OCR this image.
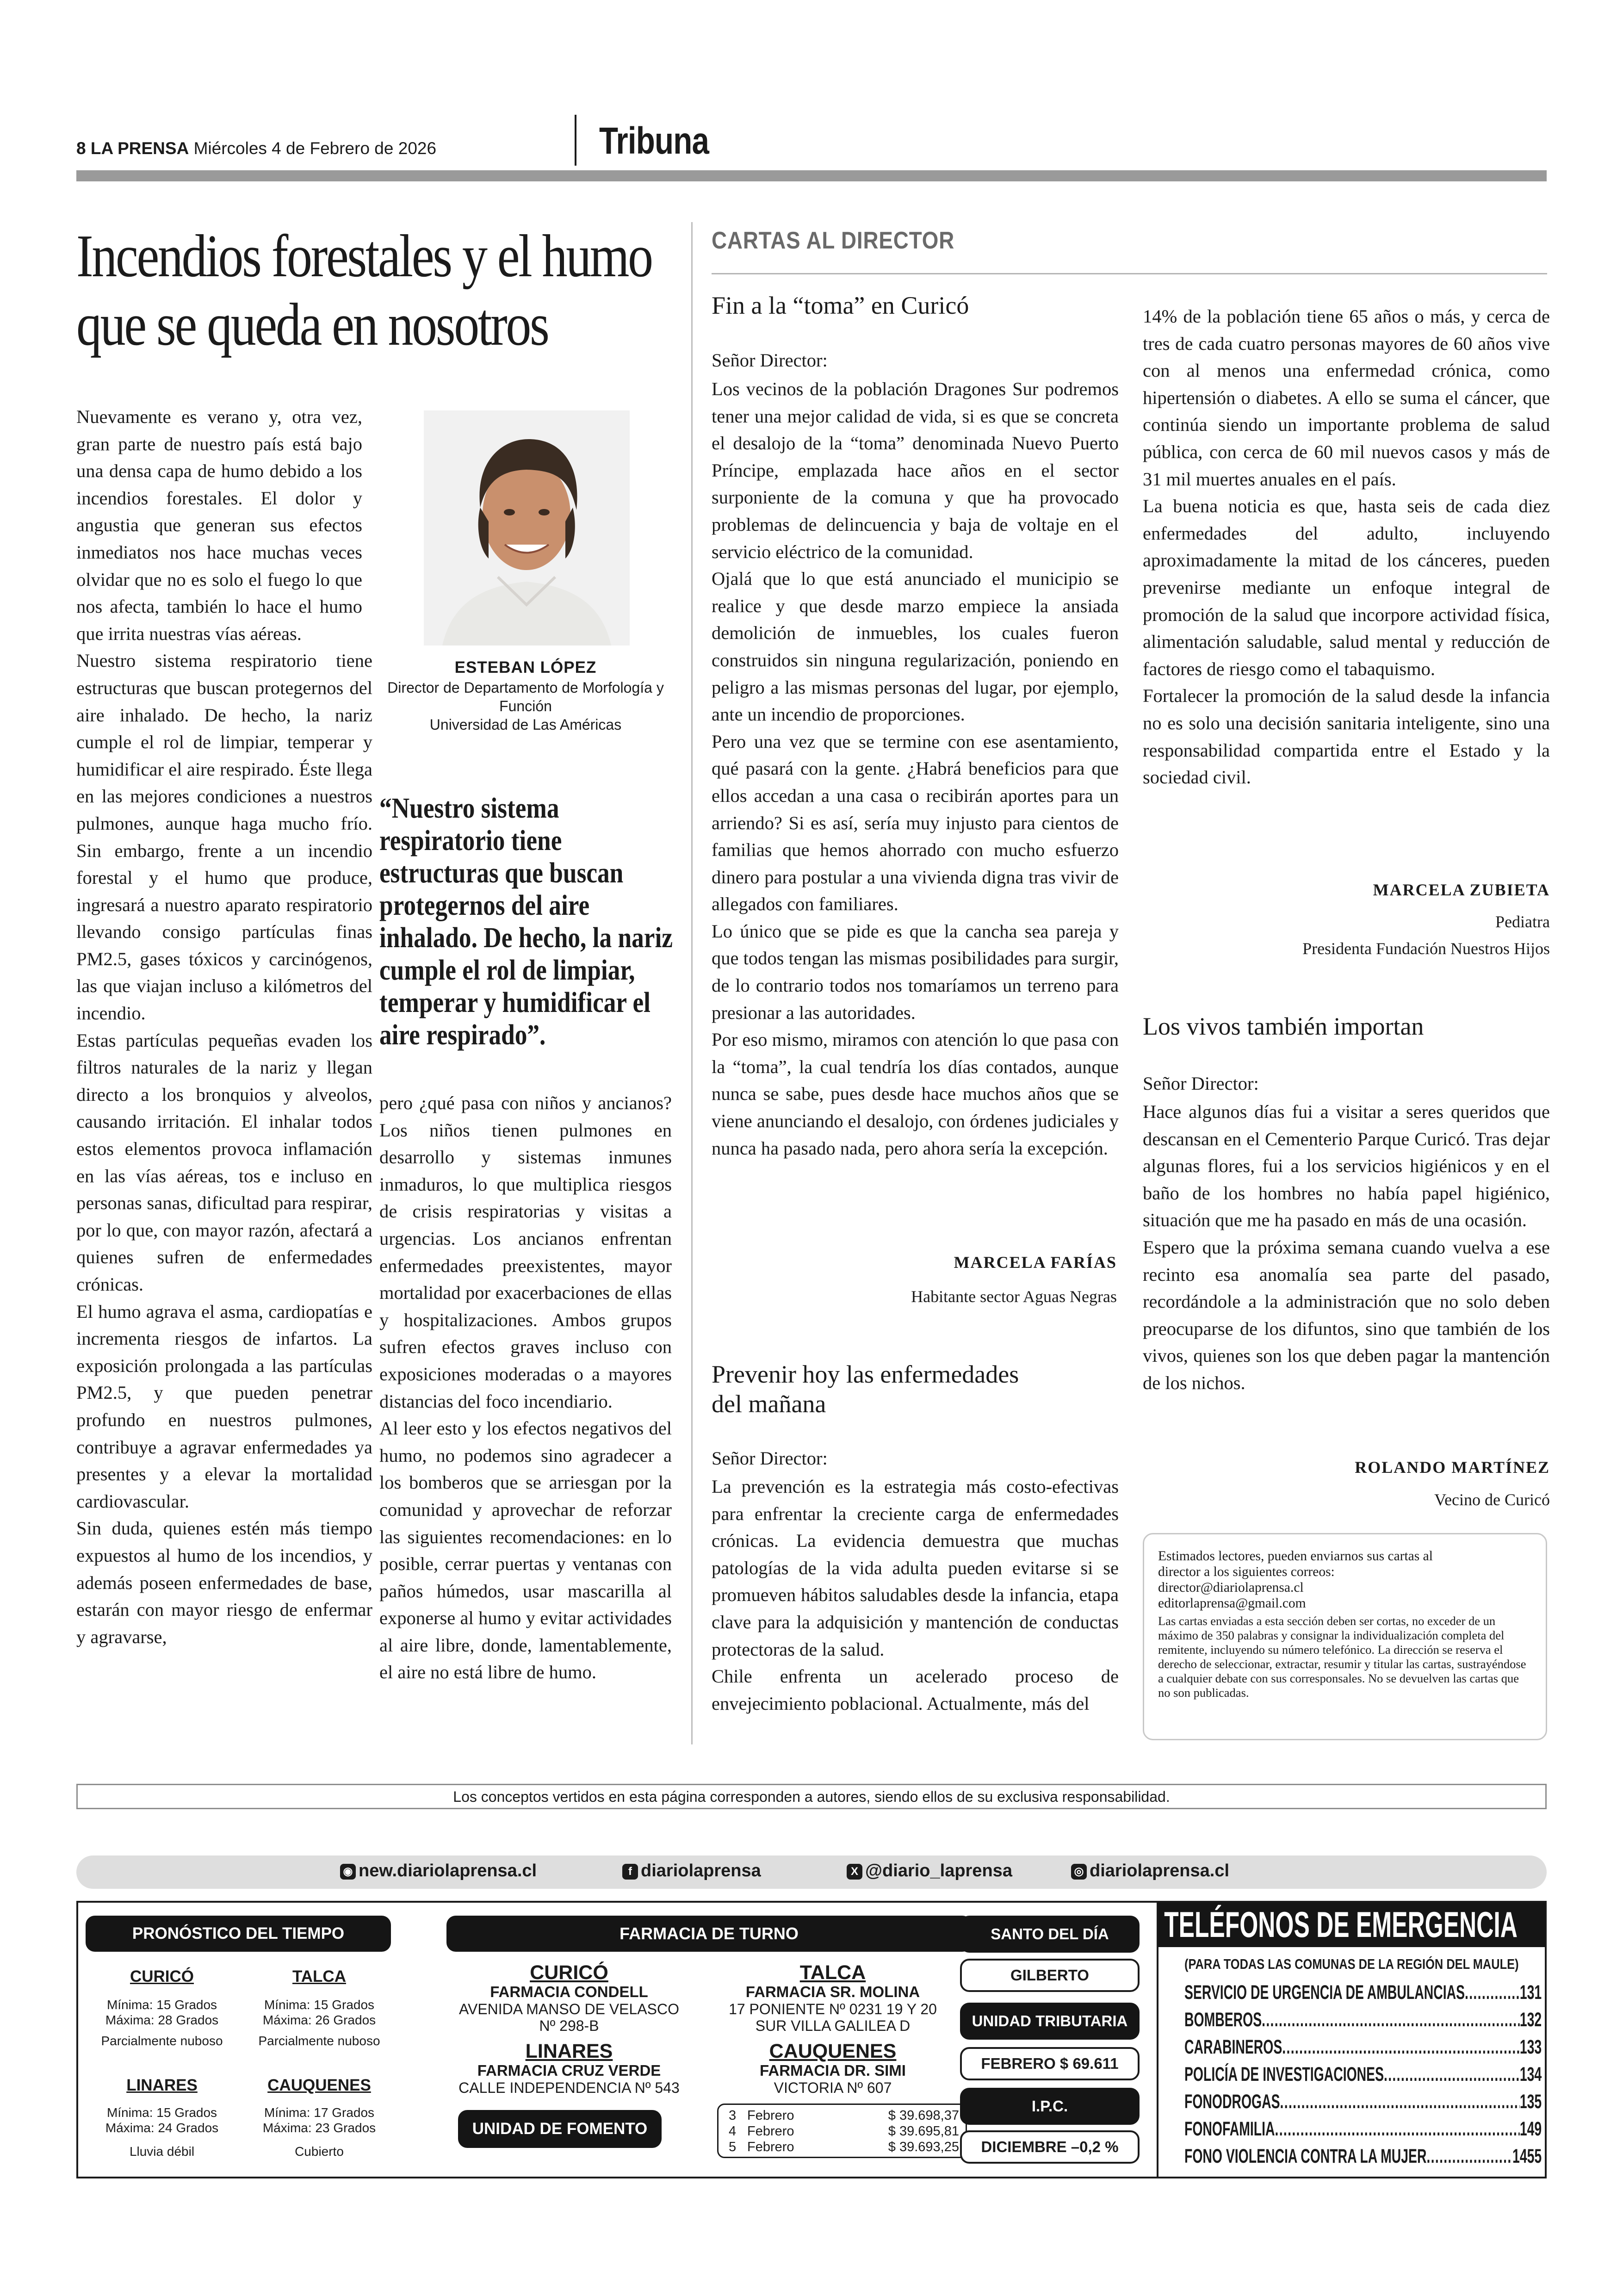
8 LA PRENSA Miércoles 4 de Febrero de 2026	Tribuna
Incendios forestales y el humo
que se queda en nosotros

Nuevamente es verano y, otra vez, gran parte de nuestro país está bajo una densa capa de humo debido a los incendios forestales. El dolor y angustia que generan sus efectos inmediatos nos hace muchas veces olvidar que no es solo el fuego lo que nos afecta, también lo hace el humo que irrita nuestras vías aéreas.

Nuestro sistema respiratorio tiene estructuras que buscan protegernos del aire inhalado. De hecho, la nariz cumple el rol de limpiar, temperar y humidificar el aire respirado. Éste llega en las mejores condiciones a nuestros pulmones, aunque haga mucho frío. Sin embargo, frente a un incendio forestal y el humo que produce, ingresará a nuestro aparato respiratorio llevando consigo partículas finas PM2.5, gases tóxicos y carcinógenos, las que viajan incluso a kilómetros del incendio.

Estas partículas pequeñas evaden los filtros naturales de la nariz y llegan directo a los bronquios y alveolos, causando irritación. El inhalar todos estos elementos provoca inflamación en las vías aéreas, tos e incluso en personas sanas, dificultad para respirar, por lo que, con mayor razón, afectará a quienes sufren de enfermedades crónicas.

El humo agrava el asma, cardiopatías e incrementa riesgos de infartos. La exposición prolongada a las partículas PM2.5, y que pueden penetrar profundo en nuestros pulmones, contribuye a agravar enfermedades ya presentes y a elevar la mortalidad cardiovascular.

Sin duda, quienes estén más tiempo expuestos al humo de los incendios, y además poseen enfermedades de base, estarán con mayor riesgo de enfermar y agravarse,

ESTEBAN LÓPEZ
Director de Departamento de Morfología y
Función
Universidad de Las Américas
“Nuestro sistema respiratorio tiene estructuras que buscan protegernos del aire inhalado. De hecho, la nariz cumple el rol de limpiar, temperar y humidificar el aire respirado”.

pero ¿qué pasa con niños y ancianos? Los niños tienen pulmones en desarrollo y sistemas inmunes inmaduros, lo que multiplica riesgos de crisis respiratorias y visitas a urgencias. Los ancianos enfrentan enfermedades preexistentes, mayor mortalidad por exacerbaciones de ellas y hospitalizaciones. Ambos grupos sufren efectos graves incluso con exposiciones moderadas o a mayores distancias del foco incendiario.

Al leer esto y los efectos negativos del humo, no podemos sino agradecer a los bomberos que se arriesgan por la comunidad y aprovechar de reforzar las siguientes recomendaciones: en lo posible, cerrar puertas y ventanas con paños húmedos, usar mascarilla al exponerse al humo y evitar actividades al aire libre, donde, lamentablemente, el aire no está libre de humo.

CARTAS AL DIRECTOR
Fin a la “toma” en Curicó
Señor Director:

Los vecinos de la población Dragones Sur podremos tener una mejor calidad de vida, si es que se concreta el desalojo de la “toma” denominada Nuevo Puerto Príncipe, emplazada hace años en el sector surponiente de la comuna y que ha provocado problemas de delincuencia y baja de voltaje en el servicio eléctrico de la comunidad.

Ojalá que lo que está anunciado el municipio se realice y que desde marzo empiece la ansiada demolición de inmuebles, los cuales fueron construidos sin ninguna regularización, poniendo en peligro a las mismas personas del lugar, por ejemplo, ante un incendio de proporciones.

Pero una vez que se termine con ese asentamiento, qué pasará con la gente. ¿Habrá beneficios para que ellos accedan a una casa o recibirán aportes para un arriendo? Si es así, sería muy injusto para cientos de familias que hemos ahorrado con mucho esfuerzo dinero para postular a una vivienda digna tras vivir de allegados con familiares.

Lo único que se pide es que la cancha sea pareja y que todos tengan las mismas posibilidades para surgir, de lo contrario todos nos tomaríamos un terreno para presionar a las autoridades.

Por eso mismo, miramos con atención lo que pasa con la “toma”, la cual tendría los días contados, aunque nunca se sabe, pues desde hace muchos años que se viene anunciando el desalojo, con órdenes judiciales y nunca ha pasado nada, pero ahora sería la excepción.

MARCELA FARÍAS
Habitante sector Aguas Negras
Prevenir hoy las enfermedades
del mañana
Señor Director:

La prevención es la estrategia más costo-efectivas para enfrentar la creciente carga de enfermedades crónicas. La evidencia demuestra que muchas patologías de la vida adulta pueden evitarse si se promueven hábitos saludables desde la infancia, etapa clave para la adquisición y mantención de conductas protectoras de la salud.

Chile enfrenta un acelerado proceso de envejecimiento poblacional. Actualmente, más del

14% de la población tiene 65 años o más, y cerca de tres de cada cuatro personas mayores de 60 años vive con al menos una enfermedad crónica, como hipertensión o diabetes. A ello se suma el cáncer, que continúa siendo un importante problema de salud pública, con cerca de 60 mil nuevos casos y más de 31 mil muertes anuales en el país.

La buena noticia es que, hasta seis de cada diez enfermedades del adulto, incluyendo aproximadamente la mitad de los cánceres, pueden prevenirse mediante un enfoque integral de promoción de la salud que incorpore actividad física, alimentación saludable, salud mental y reducción de factores de riesgo como el tabaquismo.

Fortalecer la promoción de la salud desde la infancia no es solo una decisión sanitaria inteligente, sino una responsabilidad compartida entre el Estado y la sociedad civil.

MARCELA ZUBIETA
Pediatra
Presidenta Fundación Nuestros Hijos
Los vivos también importan
Señor Director:

Hace algunos días fui a visitar a seres queridos que descansan en el Cementerio Parque Curicó. Tras dejar algunas flores, fui a los servicios higiénicos y en el baño de los hombres no había papel higiénico, situación que me ha pasado en más de una ocasión.

Espero que la próxima semana cuando vuelva a ese recinto esa anomalía sea parte del pasado, recordándole a la administración que no solo deben preocuparse de los difuntos, sino que también de los vivos, quienes son los que deben pagar la mantención de los nichos.

ROLANDO MARTÍNEZ
Vecino de Curicó

Estimados lectores, pueden enviarnos sus cartas al

director a los siguientes correos:

director@diariolaprensa.cl

editorlaprensa@gmail.com

Las cartas enviadas a esta sección deben ser cortas, no exceder de un máximo de 350 palabras y consignar la individualización completa del remitente, incluyendo su número telefónico. La dirección se reserva el derecho de seleccionar, extractar, resumir y titular las cartas, sustrayéndose a cualquier debate con sus corresponsales. No se devuelven las cartas que no son publicadas.

Los conceptos vertidos en esta página corresponden a autores, siendo ellos de su exclusiva responsabilidad.
◉ new.diariolaprensa.cl	f diariolaprensa	X @diario_laprensa	◎ diariolaprensa.cl
PRONÓSTICO DEL TIEMPO
CURICÓ
Mínima: 15 Grados
Máxima: 28 Grados
Parcialmente nuboso
TALCA
Mínima: 15 Grados
Máxima: 26 Grados
Parcialmente nuboso
LINARES
Mínima: 15 Grados
Máxima: 24 Grados
Lluvia débil
CAUQUENES
Mínima: 17 Grados
Máxima: 23 Grados
Cubierto
FARMACIA DE TURNO
CURICÓ
FARMACIA CONDELL
AVENIDA MANSO DE VELASCO
Nº 298-B
TALCA
FARMACIA SR. MOLINA
17 PONIENTE Nº 0231 19 Y 20
SUR VILLA GALILEA D
LINARES
FARMACIA CRUZ VERDE
CALLE INDEPENDENCIA Nº 543
CAUQUENES
FARMACIA DR. SIMI
VICTORIA Nº 607
UNIDAD DE FOMENTO
3	Febrero	$ 39.698,37
4	Febrero	$ 39.695,81
5	Febrero	$ 39.693,25
SANTO DEL DÍA
GILBERTO
UNIDAD TRIBUTARIA
FEBRERO $ 69.611
I.P.C.
DICIEMBRE –0,2 %
TELÉFONOS DE EMERGENCIA
(PARA TODAS LAS COMUNAS DE LA REGIÓN DEL MAULE)
SERVICIO DE URGENCIA DE AMBULANCIAS .....	131
BOMBEROS .....	132
CARABINEROS .....	133
POLICÍA DE INVESTIGACIONES .....	134
FONODROGAS .....	135
FONOFAMILIA .....	149
FONO VIOLENCIA CONTRA LA MUJER .....	1455
